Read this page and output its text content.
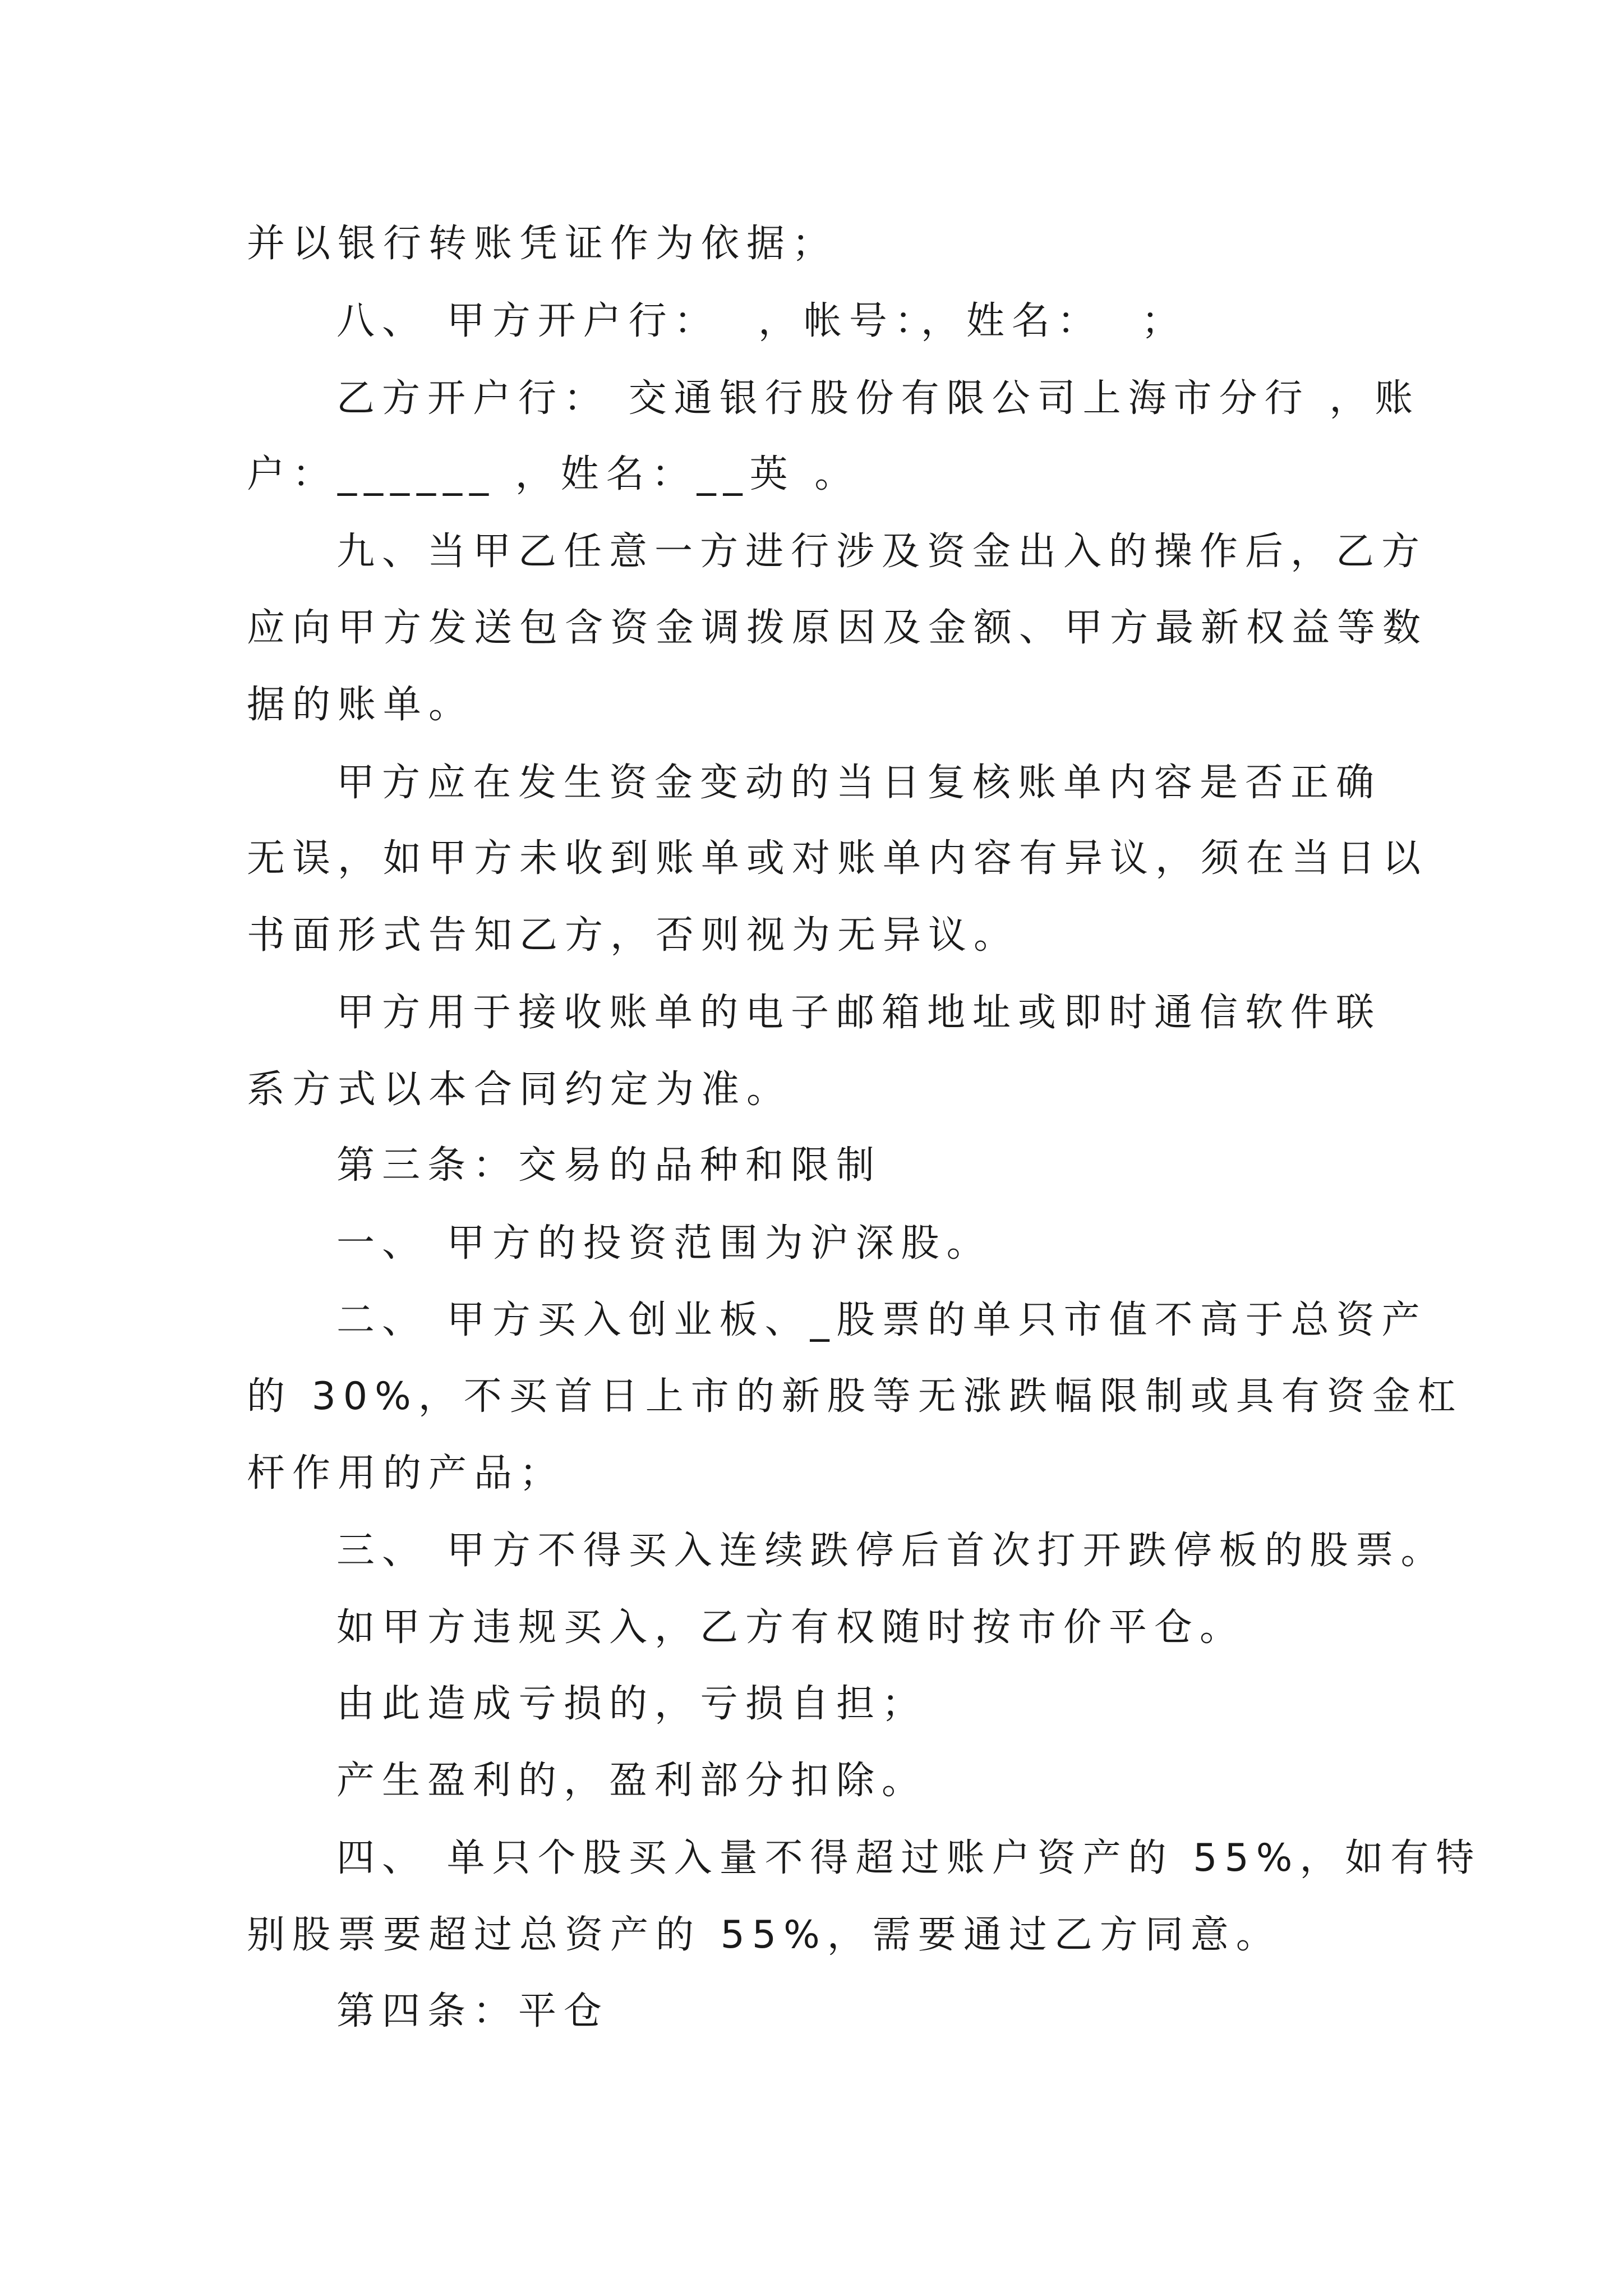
并以银行转账凭证作为依据；
八、 甲方开户行：  ，帐号：，姓名：  ；
乙方开户行： 交通银行股份有限公司上海市分行 ，账
户：______ ，姓名：__英 。
九、当甲乙任意一方进行涉及资金出入的操作后，乙方
应向甲方发送包含资金调拨原因及金额、甲方最新权益等数
据的账单。
甲方应在发生资金变动的当日复核账单内容是否正确
无误，如甲方未收到账单或对账单内容有异议，须在当日以
书面形式告知乙方，否则视为无异议。
甲方用于接收账单的电子邮箱地址或即时通信软件联
系方式以本合同约定为准。
第三条：交易的品种和限制
一、 甲方的投资范围为沪深股。
二、 甲方买入创业板、_股票的单只市值不高于总资产
的 30%，不买首日上市的新股等无涨跌幅限制或具有资金杠
杆作用的产品；
三、 甲方不得买入连续跌停后首次打开跌停板的股票。
如甲方违规买入，乙方有权随时按市价平仓。
由此造成亏损的，亏损自担；
产生盈利的，盈利部分扣除。
四、 单只个股买入量不得超过账户资产的 55%，如有特
别股票要超过总资产的 55%，需要通过乙方同意。
第四条：平仓
